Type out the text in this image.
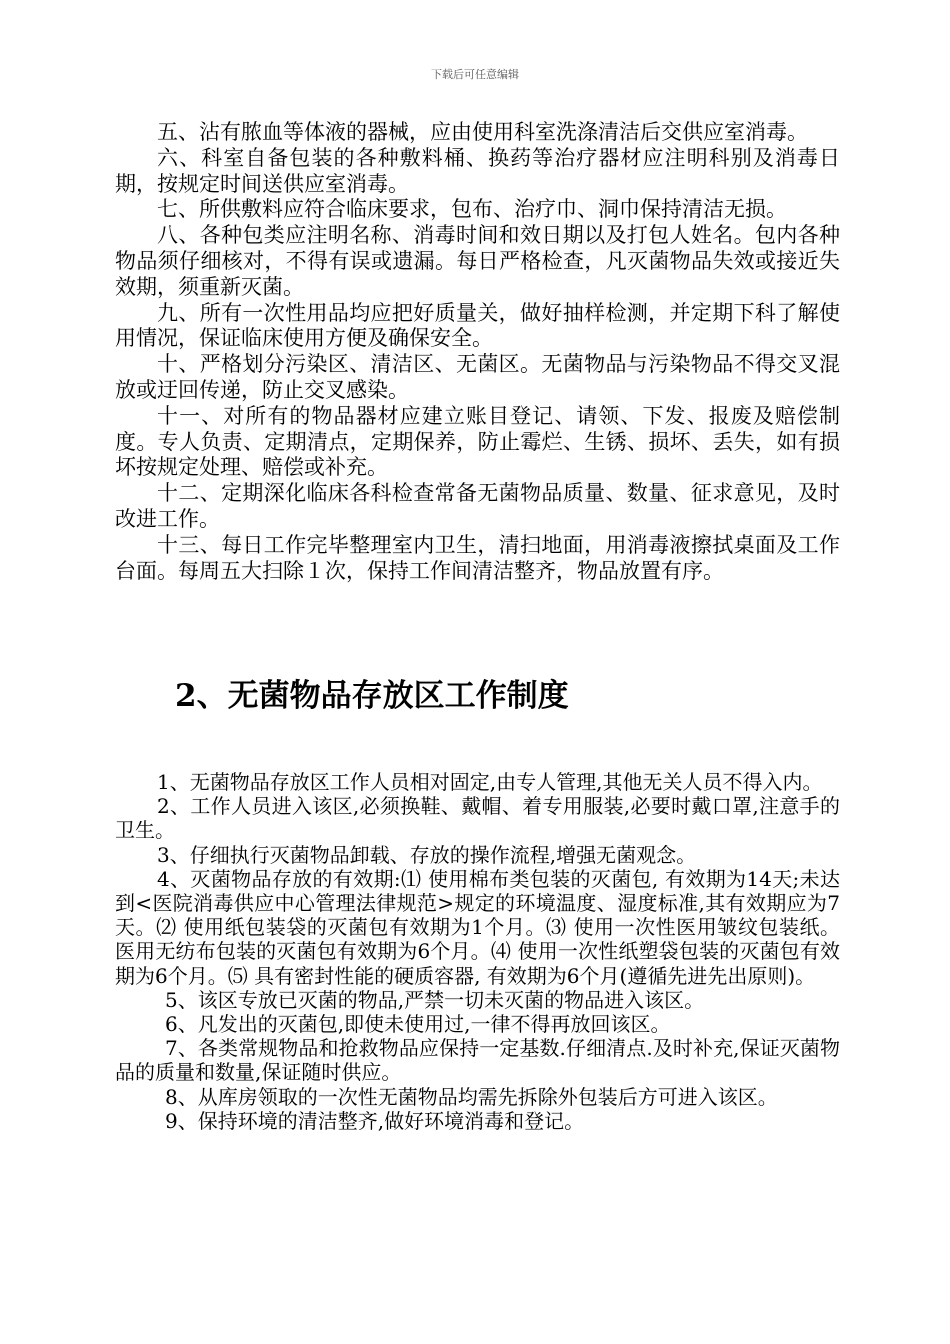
下载后可任意编辑

五、沾有脓血等体液的器械，应由使用科室洗涤清洁后交供应室消毒。

六、科室自备包装的各种敷料桶、换药等治疗器材应注明科别及消毒日期，按规定时间送供应室消毒。

七、所供敷料应符合临床要求，包布、治疗巾、洞巾保持清洁无损。

八、各种包类应注明名称、消毒时间和效日期以及打包人姓名。包内各种物品须仔细核对，不得有误或遗漏。每日严格检查，凡灭菌物品失效或接近失效期，须重新灭菌。

九、所有一次性用品均应把好质量关，做好抽样检测，并定期下科了解使用情况，保证临床使用方便及确保安全。

十、严格划分污染区、清洁区、无菌区。无菌物品与污染物品不得交叉混放或迂回传递，防止交叉感染。

十一、对所有的物品器材应建立账目登记、请领、下发、报废及赔偿制度。专人负责、定期清点，定期保养，防止霉烂、生锈、损坏、丢失，如有损坏按规定处理、赔偿或补充。

十二、定期深化临床各科检查常备无菌物品质量、数量、征求意见，及时改进工作。

十三、每日工作完毕整理室内卫生，清扫地面，用消毒液擦拭桌面及工作台面。每周五大扫除１次，保持工作间清洁整齐，物品放置有序。

2、无菌物品存放区工作制度

1、无菌物品存放区工作人员相对固定,由专人管理,其他无关人员不得入内。

2、工作人员进入该区,必须换鞋、戴帽、着专用服装,必要时戴口罩,注意手的卫生。

3、仔细执行灭菌物品卸载、存放的操作流程,增强无菌观念。

4、灭菌物品存放的有效期:⑴ 使用棉布类包装的灭菌包, 有效期为14天;未达到<医院消毒供应中心管理法律规范>规定的环境温度、湿度标准,其有效期应为7天。⑵ 使用纸包装袋的灭菌包有效期为1个月。⑶ 使用一次性医用皱纹包装纸。医用无纺布包装的灭菌包有效期为6个月。⑷ 使用一次性纸塑袋包装的灭菌包有效期为6个月。⑸ 具有密封性能的硬质容器, 有效期为6个月(遵循先进先出原则)。

5、该区专放已灭菌的物品,严禁一切未灭菌的物品进入该区。

6、凡发出的灭菌包,即使未使用过,一律不得再放回该区。

7、各类常规物品和抢救物品应保持一定基数.仔细清点.及时补充,保证灭菌物品的质量和数量,保证随时供应。

8、从库房领取的一次性无菌物品均需先拆除外包装后方可进入该区。

9、保持环境的清洁整齐,做好环境消毒和登记。
